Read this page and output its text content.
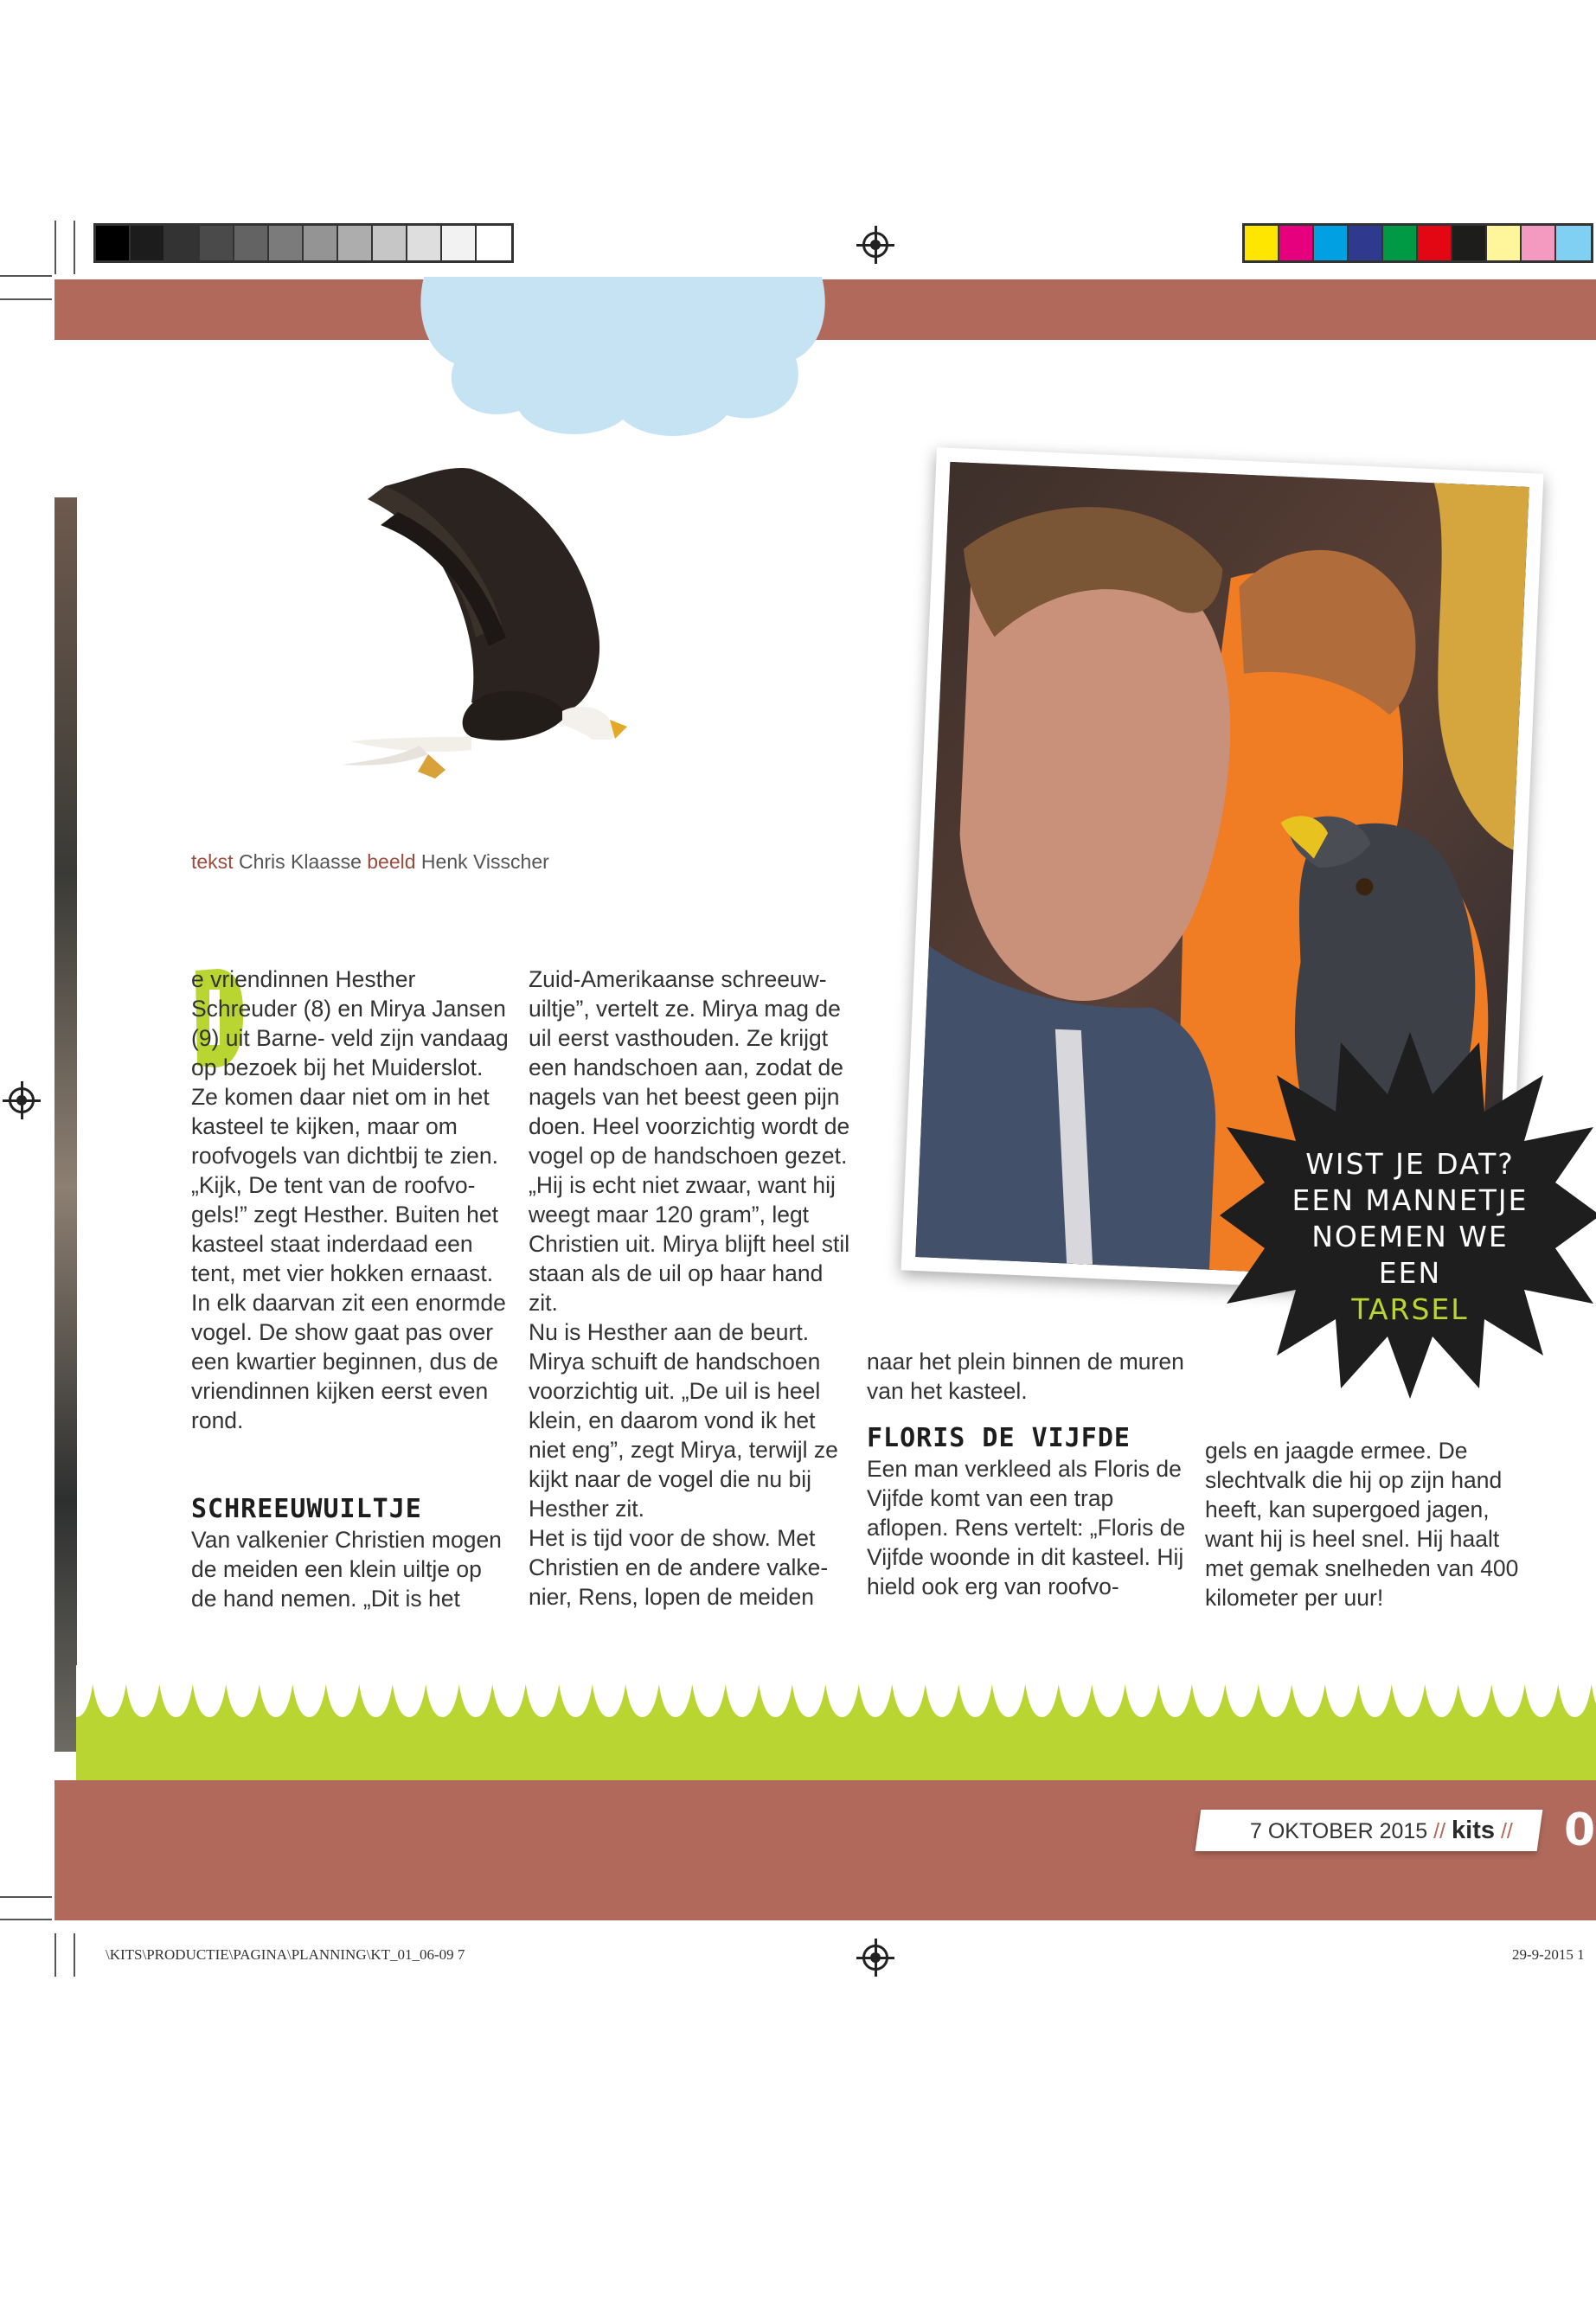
tekst Chris Klaasse beeld Henk Visscher

e vriendinnen Hesther Schreuder (8) en Mirya Jansen (9) uit Barne- veld zijn vandaag op bezoek bij het Muiderslot. Ze komen daar niet om in het kasteel te kijken, maar om roofvogels van dichtbij te zien. „Kijk, De tent van de roofvo- gels!” zegt Hesther. Buiten het kasteel staat inderdaad een tent, met vier hokken ernaast. In elk daarvan zit een enormde vogel. De show gaat pas over een kwartier beginnen, dus de vriendinnen kijken eerst even rond.

SCHREEUWUILTJE

Van valkenier Christien mogen de meiden een klein uiltje op de hand nemen. „Dit is het

Zuid-Amerikaanse schreeuw- uiltje”, vertelt ze. Mirya mag de uil eerst vasthouden. Ze krijgt een handschoen aan, zodat de nagels van het beest geen pijn doen. Heel voorzichtig wordt de vogel op de handschoen gezet. „Hij is echt niet zwaar, want hij weegt maar 120 gram”, legt Christien uit. Mirya blijft heel stil staan als de uil op haar hand zit.

Nu is Hesther aan de beurt. Mirya schuift de handschoen voorzichtig uit. „De uil is heel klein, en daarom vond ik het niet eng”, zegt Mirya, terwijl ze kijkt naar de vogel die nu bij Hesther zit.

Het is tijd voor de show. Met Christien en de andere valke- nier, Rens, lopen de meiden

naar het plein binnen de muren van het kasteel.

FLORIS DE VIJFDE

Een man verkleed als Floris de Vijfde komt van een trap aflopen. Rens vertelt: „Floris de Vijfde woonde in dit kasteel. Hij hield ook erg van roofvo-

gels en jaagde ermee. De slechtvalk die hij op zijn hand heeft, kan supergoed jagen, want hij is heel snel. Hij haalt met gemak snelheden van 400 kilometer per uur!

WIST JE DAT?
EEN MANNETJE
NOEMEN WE
EEN
TARSEL
7 OKTOBER 2015 // kits // 0
\KITS\PRODUCTIE\PAGINA\PLANNING\KT_01_06-09 7	29-9-2015 1
